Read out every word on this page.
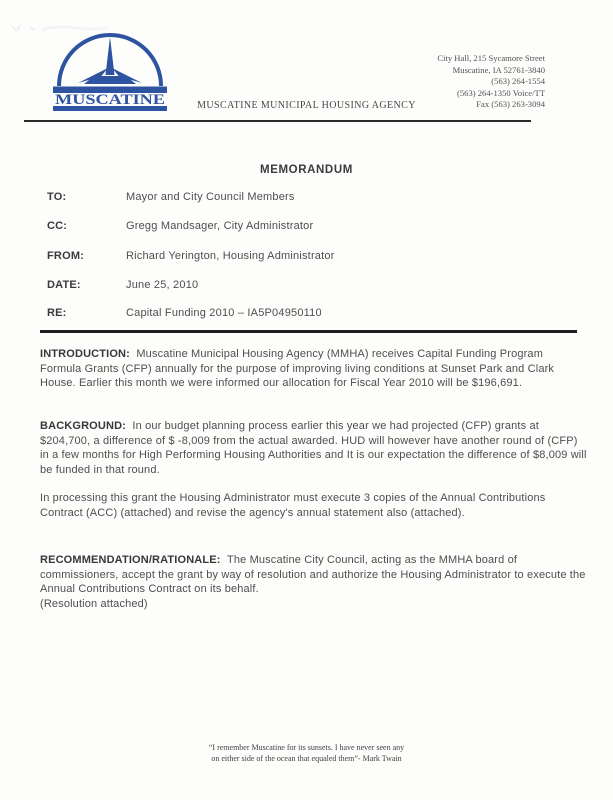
MUSCATINE	MUSCATINE MUNICIPAL HOUSING AGENCY
City Hall, 215 Sycamore Street
Muscatine, IA 52761-3840
(563) 264-1554
(563) 264-1350 Voice/TT
Fax (563) 263-3094
MEMORANDUM
TO:	Mayor and City Council Members
CC:	Gregg Mandsager, City Administrator
FROM:	Richard Yerington, Housing Administrator
DATE:	June 25, 2010
RE:	Capital Funding 2010 – IA5P04950110
INTRODUCTION:  Muscatine Municipal Housing Agency (MMHA) receives Capital Funding Program Formula Grants (CFP) annually for the purpose of improving living conditions at Sunset Park and Clark House. Earlier this month we were informed our allocation for Fiscal Year 2010 will be $196,691.
BACKGROUND:  In our budget planning process earlier this year we had projected (CFP) grants at $204,700, a difference of $ -8,009 from the actual awarded. HUD will however have another round of (CFP) in a few months for High Performing Housing Authorities and It is our expectation the difference of $8,009 will be funded in that round.
In processing this grant the Housing Administrator must execute 3 copies of the Annual Contributions Contract (ACC) (attached) and revise the agency's annual statement also (attached).
RECOMMENDATION/RATIONALE:  The Muscatine City Council, acting as the MMHA board of commissioners, accept the grant by way of resolution and authorize the Housing Administrator to execute the Annual Contributions Contract on its behalf.
(Resolution attached)
“I remember Muscatine for its sunsets. I have never seen any
on either side of the ocean that equaled them”- Mark Twain
